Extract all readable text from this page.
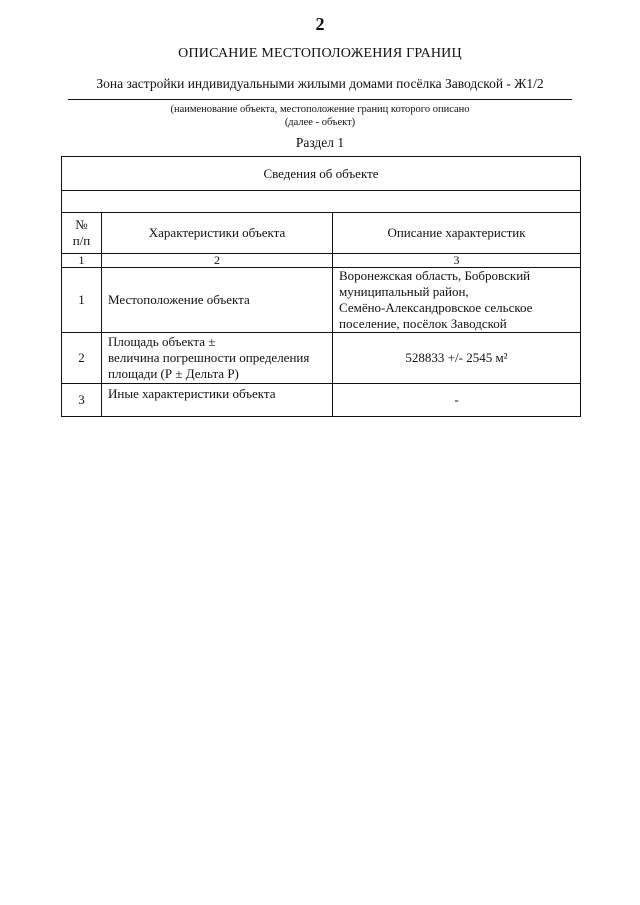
2
ОПИСАНИЕ МЕСТОПОЛОЖЕНИЯ ГРАНИЦ
Зона застройки индивидуальными жилыми домами посёлка Заводской - Ж1/2
(наименование объекта, местоположение границ которого описано
(далее - объект)
Раздел 1
Сведения об объекте		

№
п/п	Характеристики объекта	Описание характеристик
1	2	3
1	Местоположение объекта	Воронежская область, Бобровский
муниципальный район,
Семёно-Александровское сельское
поселение, посёлок Заводской

2	Площадь объекта ±
величина погрешности определения
площади (Р ± Дельта Р)	528833 +/- 2545 м²
3	Иные характеристики объекта	-
